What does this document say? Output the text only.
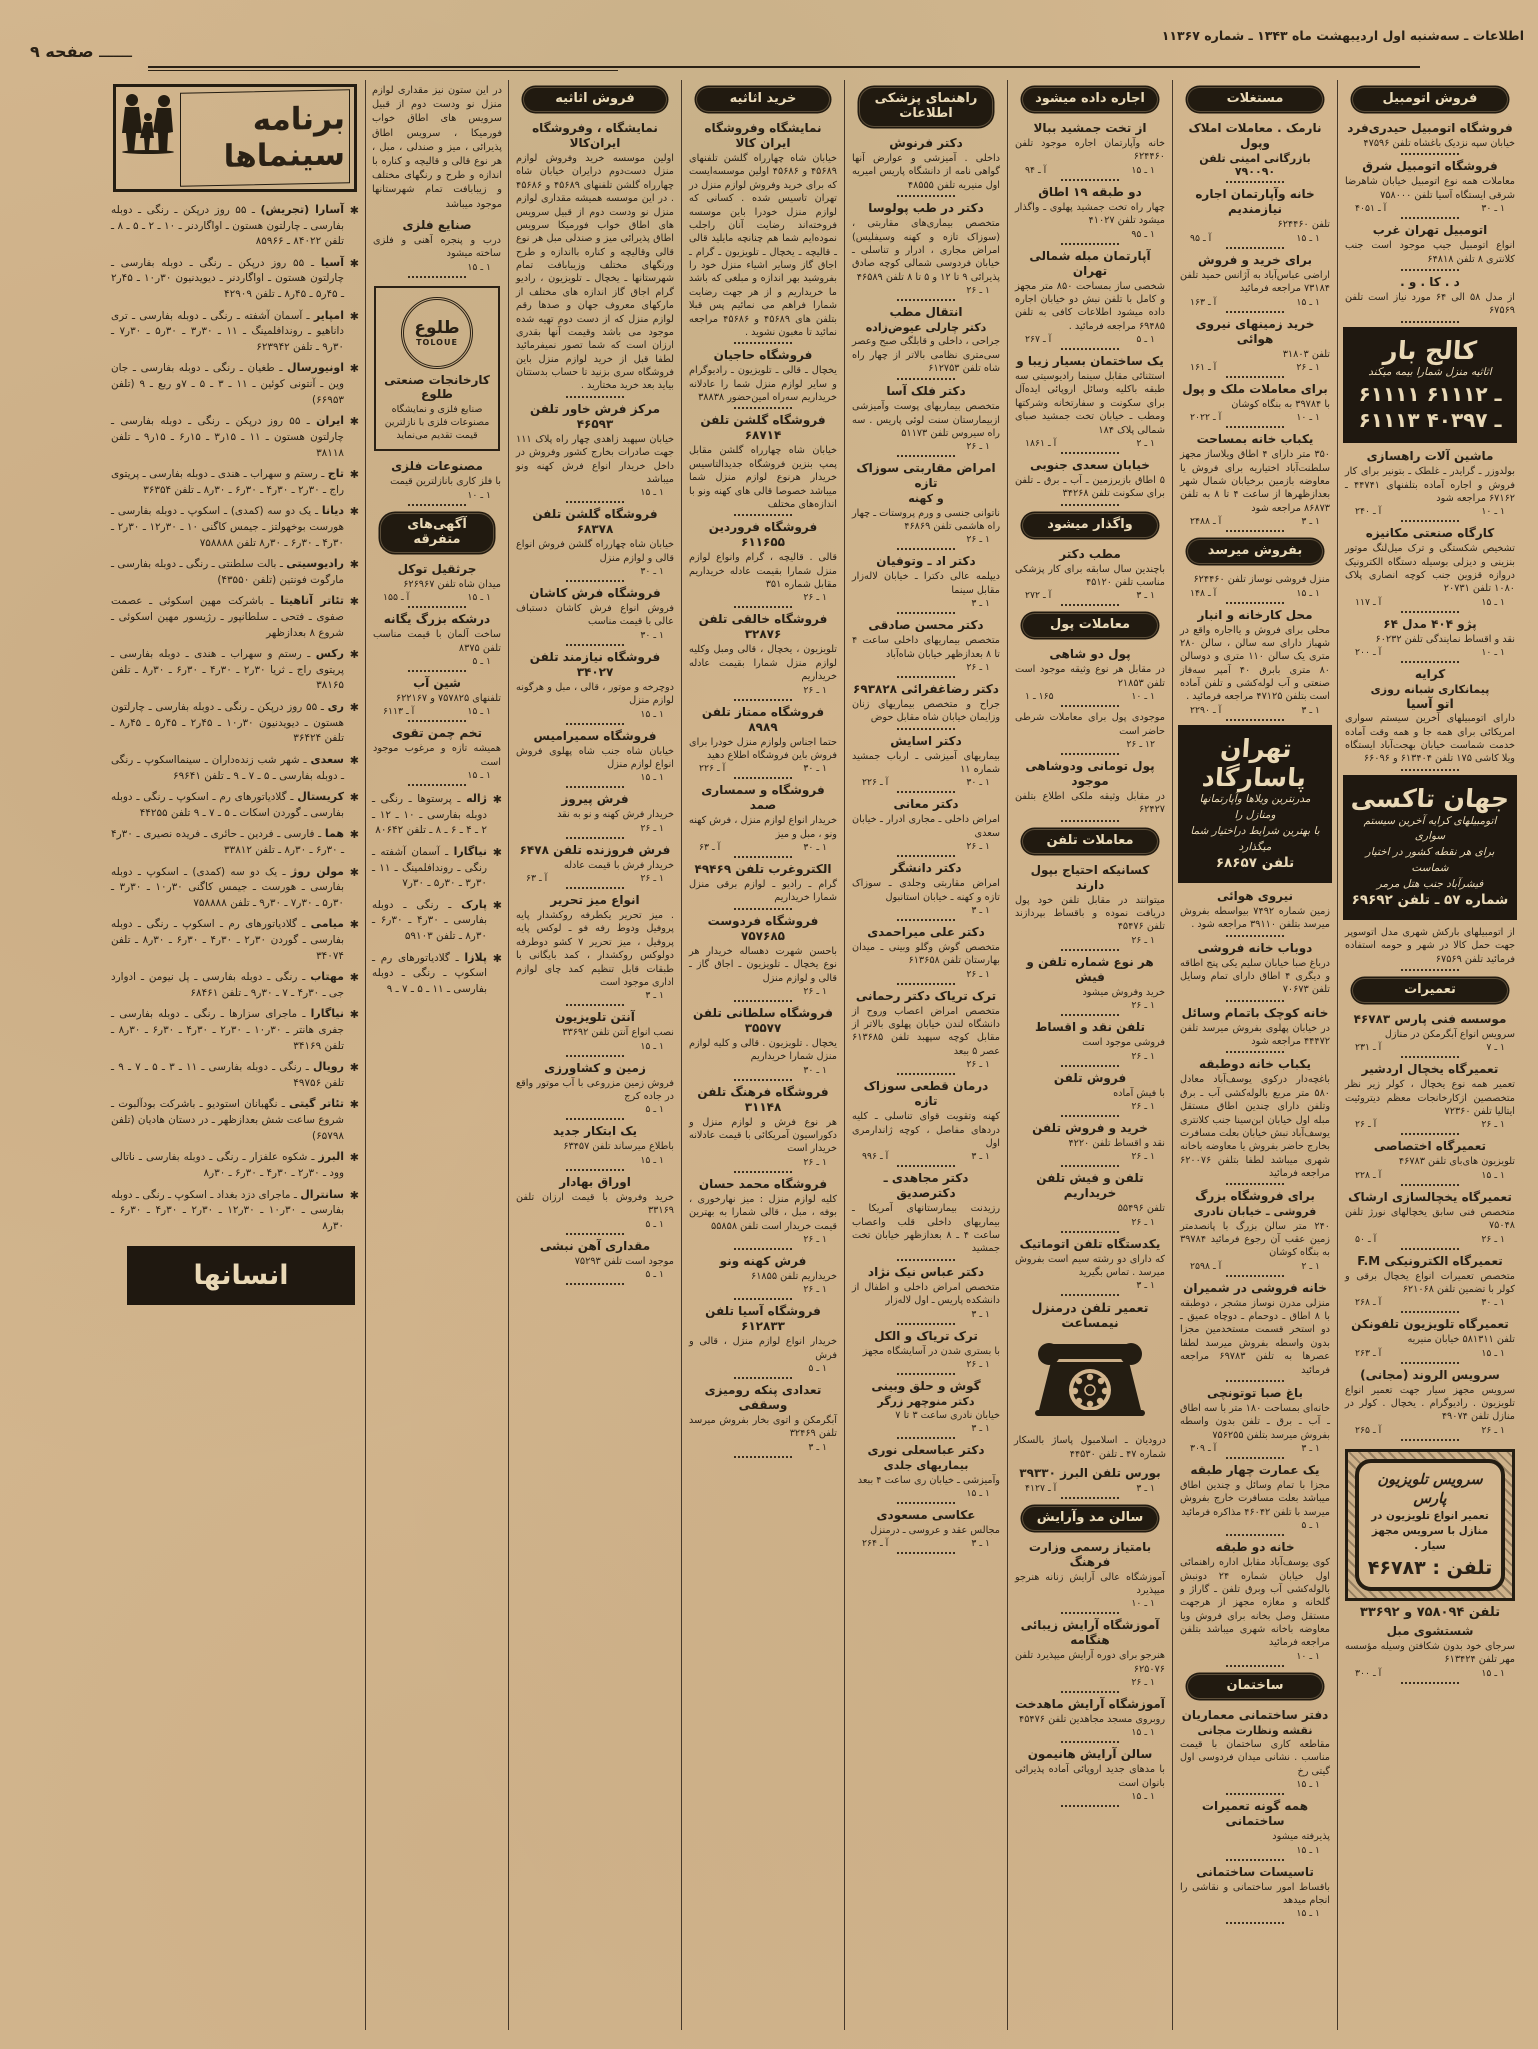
اطلاعات ـ سه‌شنبه اول اردیبهشت ماه ۱۳۴۳ ـ شماره ۱۱۳۶۷
ـــــــ صفحه ۹
فروش اتومبیل
فروشگاه اتومبیل حیدری‌فرد
خیابان سپه نزدیک باغشاه تلفن ۴۷۵۹۶
فروشگاه اتومبیل شرق
معاملات همه نوع اتومبیل خیابان شاهرضا شرقی ایستگاه آسیا تلفن ۷۵۸۰۰۰
۱ ـ ۳۰
آ ـ ۴۰۵۱
اتومبیل تهران غرب
انواع اتومبیل جیپ موجود است جنب کلانتری ۸ تلفن ۶۴۸۱۸
د . کا . و .
از مدل ۵۸ الی ۶۴ مورد نیاز است تلفن ۶۷۵۶۹
کالج بار
اثاثیه منزل شمارا بیمه میکند
۶۱۱۱۱ ـ ۶۱۱۱۲
۶۱۱۱۳ ـ ۴۰۳۹۷
ماشین آلات راهسازی
بولدوزر ـ گرایدر ـ غلطک ـ بتونیر برای کار فروش و اجاره آماده بتلفنهای ۴۴۷۴۱ ـ ۶۷۱۶۲ مراجعه شود
۱ ـ ۱۰
آ ـ ۲۴۰
کارگاه صنعتی مکانیزه
تشخیص شکستگی و ترک میل‌لنگ موتور بنزینی و دیزلی بوسیله دستگاه الکترونیک دروازه قزوین جنب کوچه انصاری پلاک ۱۰۸۰ تلفن ۲۰۷۳۱
۱ ـ ۱۵
آ ـ ۱۱۷
پژو ۴۰۴ مدل ۶۴
نقد و اقساط نمایندگی تلفن ۶۰۲۳۲
۱ ـ ۱۰
آ ـ ۲۰۰
کرایه
پیمانکاری شبانه روزی
اتو آسیا
دارای اتومبیلهای آخرین سیستم سواری امریکائی برای همه جا و همه وقت آماده خدمت شماست خیابان بهجت‌آباد ایستگاه ویلا کاشی ۱۷۵ تلفن ۶۱۳۴۰۴ و ۶۶۰۹۶
جهان تاکسی
اتومبیلهای کرایه آخرین سیستم سواری
برای هر نقطه کشور در اختیار شماست
فیشرآباد جنب هتل مرمر
شماره ۵۷ ـ تلفن ۶۹۶۹۲
از اتومبیلهای بارکش شهری مدل اتوسوپر جهت حمل کالا در شهر و حومه استفاده فرمائید تلفن ۶۷۵۶۹
تعمیرات
موسسه فنی پارس ۴۶۷۸۳
سرویس انواع آبگرمکن در منازل
۱ ـ ۷
آ ـ ۲۳۱
تعمیرگاه یخچال اردشیر
تعمیر همه نوع یخچال ، کولر زیر نظر متخصصین ازکارخانجات معظم دیتروئیت ایتالیا تلفن ۷۲۳۶۰
۱ ـ ۲۶
آ ـ ۲۶
تعمیرگاه اختصاصی
تلویزیون های‌بای تلفن ۴۶۷۸۳
۱ ـ ۱۵
آ ـ ۲۲۸
تعمیرگاه یخچالسازی ارشاک
متخصص فنی سابق یخچالهای نورژ تلفن ۷۵۰۴۸
۱ ـ ۲۶
آ ـ ۵۰
تعمیرگاه الکترونیکی F.M
متخصص تعمیرات انواع یخچال برقی و کولر با تضمین تلفن ۶۲۱۰۶۸
۱ ـ ۳۰
آ ـ ۲۶۸
تعمیرگاه تلویزیون تلفونکن
تلفن ۵۸۱۳۱۱ خیابان منیریه
۱ ـ ۱۵
آ ـ ۲۶۳
سرویس الروند (مجانی)
سرویس مجهز سیار جهت تعمیر انواع تلویزیون . رادیوگرام . یخچال . کولر در منازل تلفن ۴۹۰۷۴
۱ ـ ۲۶
آ ـ ۲۶۵
سرویس تلویزیون پارس
تعمیر انواع تلویزیون در
منازل با سرویس مجهز سیار .
تلفن : ۴۶۷۸۳
تلفن ۷۵۸۰۹۴ و ۳۳۶۹۲
شستشوی مبل
سرجای خود بدون شکافتن وسیله مؤسسه مهر تلفن ۶۱۳۴۲۴
۱ ـ ۱۵
آ ـ ۳۰۰
مستغلات
نارمک . معاملات املاک وپول
بازرگانی امینی تلفن ۷۹۰۰۹۰
خانه وآپارتمان اجاره نیازمندیم
تلفن ۶۲۴۴۶۰
۱ ـ ۱۵
آ ـ ۹۵
برای خرید و فروش
اراضی عباس‌آباد به آژانس حمید تلفن ۷۳۱۸۴ مراجعه فرمائید
۱ ـ ۱۵
آ ـ ۱۶۳
خرید زمینهای نیروی هوائی
تلفن ۳۱۸۰۳
۱ ـ ۲۶
آ ـ ۱۶۱
برای معاملات ملک و پول
با ۳۹۷۸۴ به بنگاه کوشان
۱ ـ ۱۰
آ ـ ۲۰۲۲
یکباب خانه بمساحت
۳۵۰ متر دارای ۴ اطاق ویلاساز مجهز سلطنت‌آباد اختیاریه برای فروش یا معاوضه بازمین برخیابان شمال شهر بعدازظهرها از ساعت ۴ تا ۸ به تلفن ۸۶۸۷۳ مراجعه شود
۱ ـ ۳
آ ـ ۲۴۸۸
بفروش میرسد
منزل فروشی نوساز تلفن ۶۲۴۴۶۰
۱ ـ ۱۵
آ ـ ۱۴۸
محل کارخانه و انبار
محلی برای فروش و یااجاره واقع در شهباز دارای سه سالن ، سالن ۲۸۰ متری یک سالن ۱۱۰ متری و دوسالن ۸۰ متری بابرق ۴۰ آمپر سه‌فاز صنعتی و آب لوله‌کشی و تلفن آماده است بتلفن ۴۷۱۲۵ مراجعه فرمائید .
۱ ـ ۳
آ ـ ۲۲۹۰
تهران پاسارگاد
مدرنترین ویلاها وآپارتمانها ومنازل را
با بهترین شرایط دراختیار شما میگذارد
تلفن ۶۸۶۵۷
نیروی هوائی
زمین شماره ۷۴۹۲ بیواسطه بفروش میرسد بتلفن ۳۹۱۱۰ مراجعه شود .
دوباب خانه فروشی
درباغ صبا خیابان سلیم یکی پنج اطاقه و دیگری ۴ اطاق دارای تمام وسایل تلفن ۷۰۶۷۳
خانه کوچک باتمام وسائل
در خیابان پهلوی بفروش میرسد تلفن ۴۴۴۷۲ مراجعه شود
یکباب خانه دوطبقه
باغچه‌دار درکوی یوسف‌آباد معادل ۵۸۰ متر مربع بالوله‌کشی آب ـ برق وتلفن دارای چندین اطاق مستقل مبله اول خیابان ابن‌سینا جنب کلانتری یوسف‌آباد نبش خیابان بعلت مسافرت بخارج حاضر بفروش یا معاوضه باخانه شهری میباشد لطفا بتلفن ۶۲۰۰۷۶ مراجعه فرمائید
برای فروشگاه بزرگ
فروشی ـ خیابان نادری
۲۴۰ متر سالن بزرگ با پانصدمتر زمین عقب آن رجوع فرمائید ۳۹۷۸۴ به بنگاه کوشان
۱ ـ ۲
آ ـ ۲۵۹۸
خانه فروشی در شمیران
منزلی مدرن نوساز مشجر ، دوطبقه با ۸ اطاق ـ دوحمام ـ دوچاه عمیق ـ دو استخر قسمت مستخدمین مجزا بدون واسطه بفروش میرسد لطفا عصرها به تلفن ۶۹۷۸۳ مراجعه فرمائید
باغ صبا توتونچی
خانه‌ای بمساحت ۱۸۰ متر با سه اطاق ـ آب ـ برق ـ تلفن بدون واسطه بفروش میرسد بتلفن ۷۵۶۲۵۵
۱ ـ ۳
آ ـ ۳۰۹
یک عمارت چهار طبقه
مجزا با تمام وسائل و چندین اطاق میباشد بعلت مسافرت خارج بفروش میرسد با تلفن ۴۶۰۴۲ مذاکره فرمائید
۱ ـ ۵
خانه دو طبقه
کوی یوسف‌آباد مقابل اداره راهنمائی اول خیابان شماره ۲۴ دونبش بالوله‌کشی آب وبرق تلفن ـ گاراژ و گلخانه و مغازه مجهز از هرجهت مستقل وصل بخانه برای فروش ویا معاوضه باخانه شهری میباشد بتلفن مراجعه فرمائید
۱ ـ ۱۰
ساختمان
دفتر ساختمانی معماریان
نقشه ونظارت مجانی
مقاطعه کاری ساختمان با قیمت مناسب . نشانی میدان فردوسی اول گیتی رخ
۱ ـ ۱۵
همه گونه تعمیرات ساختمانی
پذیرفته میشود
۱ ـ ۱۵
تاسیسات ساختمانی
باقساط امور ساختمانی و نقاشی را انجام میدهد
۱ ـ ۱۵
اجاره داده میشود
از تخت جمشید ببالا
خانه وآپارتمان اجاره موجود تلفن ۶۲۴۴۶۰
۱ ـ ۱۵
آ ـ ۹۴
دو طبقه ۱۹ اطاق
چهار راه تخت جمشید پهلوی ـ واگذار میشود تلفن ۴۱۰۲۷
۱ ـ ۹۵
آپارتمان مبله شمالی تهران
شخصی ساز بمساحت ۸۵۰ متر مجهز و کامل با تلفن نبش دو خیابان اجاره داده میشود اطلاعات کافی به تلفن ۶۹۴۸۵ مراجعه فرمائید .
۱ ـ ۵
آ ـ ۲۶۷
یک ساختمان بسیار زیبا و
استثنائی مقابل سینما رادیوسیتی سه طبقه باکلیه وسائل اروپائی ایده‌آل برای سکونت و سفارتخانه وشرکتها ومطب ـ خیابان تخت جمشید صبای شمالی پلاک ۱۸۴
۱ ـ ۲
آ ـ ۱۸۶۱
خیابان سعدی جنوبی
۵ اطاق بازیرزمین ـ آب ـ برق ـ تلفن برای سکونت تلفن ۳۴۲۶۸
واگذار میشود
مطب دکتر
باچندین سال سابقه برای کار پزشکی مناسب تلفن ۴۵۱۲۰
۱ ـ ۳
آ ـ ۲۷۲
معاملات پول
پول دو شاهی
در مقابل هر نوع وثیقه موجود است تلفن ۲۱۸۵۳
۱ ـ ۱۰
۱۶۵ ـ ۱
موجودی پول برای معاملات شرطی حاضر است
۱۲ ـ ۲۶
پول تومانی ودوشاهی موجود
در مقابل وثیقه ملکی اطلاع بتلفن ۶۲۴۲۷
معاملات تلفن
کسانیکه احتیاج بپول دارند
میتوانند در مقابل تلفن خود پول دریافت نموده و باقساط بپردازند تلفن ۴۵۴۷۶
۱ ـ ۲۶
هر نوع شماره تلفن و فیش
خرید وفروش میشود
۱ ـ ۲۶
تلفن نقد و اقساط
فروشی موجود است
۱ ـ ۲۶
فروش تلفن
با فیش آماده
۱ ـ ۲۶
خرید و فروش تلفن
نقد و اقساط تلفن ۴۲۲۰
۱ ـ ۲۶
تلفن و فیش تلفن خریداریم
تلفن ۵۵۴۹۶
۱ ـ ۲۶
یکدستگاه تلفن اتوماتیک
که دارای دو رشته سیم است بفروش میرسد . تماس بگیرید
۱ ـ ۳
تعمیر تلفن درمنزل نیمساعت
درودیان ـ اسلامبول پاساژ بالسکار شماره ۴۷ ـ تلفن ۴۴۵۳۰
بورس تلفن البرز ۳۹۳۳۰
۱ ـ ۳
آ ـ ۴۱۲۷
سالن مد وآرایش
بامتیاز رسمی وزارت فرهنگ
آموزشگاه عالی آرایش زنانه هنرجو میپذیرد
۱ ـ ۱۰
آموزشگاه آرایش زیبائی هنگامه
هنرجو برای دوره آرایش میپذیرد تلفن ۶۲۵۰۷۶
۱ ـ ۲۶
آموزشگاه آرایش ماهدخت
روبروی مسجد مجاهدین تلفن ۴۵۴۷۶
۱ ـ ۱۵
سالن آرایش هانیمون
با مدهای جدید اروپائی آماده پذیرائی بانوان است
۱ ـ ۱۵
راهنمای پزشکی اطلاعات
دکتر فرنوش
داخلی . آمیزشی و عوارض آنها گواهی نامه از دانشگاه پاریس امیریه اول منیریه تلفن ۴۸۵۵۵
دکتر در طب پولوسا
متخصص بیماری‌های مقاربتی ، (سوزاک تازه و کهنه وسیفلیس) امراض مجاری ، ادرار و تناسلی ـ خیابان فردوسی شمالی کوچه صادق پذیرائی ۹ تا ۱۲ و ۵ تا ۸ تلفن ۴۶۵۸۹
۱ ـ ۲۶
انتقال مطب
دکتر چارلی عیوض‌زاده
جراحی ، داخلی و قابلگی صبح وعصر سی‌متری نظامی بالاتر از چهار راه شاه تلفن ۶۱۲۷۵۳
دکتر فلک آسا
متخصص بیماریهای پوست وآمیزشی ازبیمارستان سنت لوئی پاریس . سه راه سیروس تلفن ۵۱۱۷۳
۱ ـ ۲۶
امراض مقاربتی سوزاک تازه
و کهنه
ناتوانی جنسی و ورم پروستات ـ چهار راه هاشمی تلفن ۴۶۸۶۹
۱ ـ ۲۶
دکتر اد ـ وتوفیان
دیپلمه عالی دکترا ـ خیابان لاله‌زار مقابل سینما
۱ ـ ۳
دکتر محسن صادقی
متخصص بیماریهای داخلی ساعت ۴ تا ۸ بعدازظهر خیابان شاه‌آباد
۱ ـ ۲۶
دکتر رضاغفرائی ۶۹۳۸۲۸
جراح و متخصص بیماریهای زنان وزایمان خیابان شاه مقابل حوض
دکتر اسایش
بیماریهای آمیزشی ـ ارباب جمشید شماره ۱۱
۱ ـ ۳۰
آ ـ ۲۲۶
دکتر معانی
امراض داخلی ـ مجاری ادرار ـ خیابان سعدی
۱ ـ ۲۶
دکتر دانشگر
امراض مقاربتی وجلدی ـ سوزاک تازه و کهنه ـ خیابان استانبول
۱ ـ ۳
دکتر علی میراحمدی
متخصص گوش وگلو وبینی ـ میدان بهارستان تلفن ۶۱۳۶۵۸
۱ ـ ۲۶
ترک تریاک دکتر رحمانی
متخصص امراض اعصاب وروح از دانشگاه لندن خیابان پهلوی بالاتر از مقابل کوچه سپهبد تلفن ۶۱۳۶۸۵ عصر ۵ ببعد
۱ ـ ۲۶
درمان قطعی سوزاک تازه
کهنه وتقویت قوای تناسلی ـ کلیه دردهای مفاصل ، کوچه ژاندارمری اول
۱ ـ ۳
آ ـ ۹۹۶
دکتر مجاهدی ـ دکترصدیق
رزیدنت بیمارستانهای آمریکا ـ بیماریهای داخلی قلب واعصاب ساعت ۴ ـ ۸ بعدازظهر خیابان تخت جمشید
دکتر عباس نیک نژاد
متخصص امراض داخلی و اطفال از دانشکده پاریس ـ اول لاله‌زار
۱ ـ ۳
ترک تریاک و الکل
با بستری شدن در آسایشگاه مجهز
۱ ـ ۲۶
گوش و حلق وبینی
دکتر منوچهر زرگر
خیابان نادری ساعت ۳ تا ۷
۱ ـ ۳
دکتر عباسعلی نوری
بیماریهای جلدی
وآمیزشی ـ خیابان ری ساعت ۴ ببعد
۱ ـ ۱۵
عکاسی مسعودی
مجالس عقد و عروسی ـ درمنزل
۱ ـ ۳
آ ـ ۲۶۴
خرید اثاثیه
نمایشگاه وفروشگاه ایران کالا
خیابان شاه چهارراه گلشن تلفنهای ۴۵۶۸۹ و ۴۵۶۸۶ اولین موسسه‌ایست که برای خرید وفروش لوازم منزل در تهران تاسیس شده . کسانی که لوازم منزل خودرا باین موسسه فروخته‌اند رضایت آنان راجلب نموده‌ایم شما هم چنانچه مایلید قالی ـ قالیچه ـ یخچال ـ تلویزیون ـ گرام ـ اجاق گاز وسایر اشیاء منزل خود را بفروشید بهر اندازه و مبلغی که باشد ما خریداریم و از هر جهت رضایت شمارا فراهم می نمائیم پس قبلا بتلفن های ۴۵۶۸۹ و ۴۵۶۸۶ مراجعه نمائید تا مغبون نشوید .
فروشگاه حاجیان
یخچال ـ قالی ـ تلویزیون ـ رادیوگرام و سایر لوازم منزل شما را عادلانه خریداریم سه‌راه امین‌حضور ۳۸۸۳۸
فروشگاه گلشن تلفن ۶۸۷۱۴
خیابان شاه چهارراه گلشن مقابل پمپ بنزین فروشگاه جدیدالتاسیس خریدار هرنوع لوازم منزل شما میباشد خصوصا قالی های کهنه ونو با اندازه‌های مختلف
فروشگاه فروردین ۶۱۱۶۵۵
قالی . قالیچه ، گرام وانواع لوازم منزل شمارا بقیمت عادله خریداریم مقابل شماره ۳۵۱
۱ ـ ۲۶
فروشگاه خالقی تلفن ۳۲۸۷۶
تلویزیون ، یخچال ، قالی ومبل وکلیه لوازم منزل شمارا بقیمت عادله خریداریم
۱ ـ ۲۶
فروشگاه ممتاز تلفن ۸۹۸۹
حتما اجناس ولوازم منزل خودرا برای فروش باین فروشگاه اطلاع دهید
۱ ـ ۳۰
آ ـ ۲۲۶
فروشگاه و سمساری صمد
خریدار انواع لوازم منزل ، فرش کهنه ونو ، مبل و میز
۱ ـ ۳۰
آ ـ ۶۳
الکتروغرب تلفن ۴۹۴۶۹
گرام ـ رادیو ـ لوازم برقی منزل شمارا خریداریم
فروشگاه فردوست ۷۵۷۶۸۵
باحسن شهرت دهساله خریدار هر نوع یخچال ـ تلویزیون ـ اجاق گاز ـ قالی و لوازم منزل
۱ ـ ۲۶
فروشگاه سلطانی تلفن ۳۵۵۷۷
یخچال . تلویزیون . قالی و کلیه لوازم منزل شمارا خریداریم
۱ ـ ۳۰
فروشگاه فرهنگ تلفن ۳۱۱۴۸
هر نوع فرش و لوازم منزل و دکوراسیون آمریکائی با قیمت عادلانه خریدار است
۱ ـ ۲۶
فروشگاه محمد حسان
کلیه لوازم منزل : میز نهارخوری ، بوفه ، مبل ، قالی شمارا به بهترین قیمت خریدار است تلفن ۵۵۸۵۸
۱ ـ ۲۶
فرش کهنه ونو
خریداریم تلفن ۶۱۸۵۵
۱ ـ ۲۶
فروشگاه آسیا تلفن ۶۱۲۸۳۳
خریدار انواع لوازم منزل ، قالی و فرش
۱ ـ ۵
تعدادی پنکه رومیزی وسقفی
آبگرمکن و اتوی بخار بفروش میرسد تلفن ۳۲۴۶۹
۱ ـ ۳
فروش اثاثیه
نمایشگاه ، وفروشگاه ایران‌کالا
اولین موسسه خرید وفروش لوازم منزل دست‌دوم درایران خیابان شاه چهارراه گلشن تلفنهای ۴۵۶۸۹ و ۴۵۶۸۶ . در این موسسه همیشه مقداری لوازم منزل نو ودست دوم از قبیل سرویس های اطاق خواب فورمیکا سرویس اطاق پذیرائی میز و صندلی مبل هر نوع قالی وقالیچه و کناره بااندازه و طرح ورنگهای مختلف وزیبابافت تمام شهرستانها ـ یخچال ـ تلویزیون ، رادیو گرام اجاق گاز اندازه های مختلف از مارکهای معروف جهان و صدها رقم لوازم منزل که از دست دوم تهیه شده موجود می باشد وقیمت آنها بقدری ارزان است که شما تصور نمیفرمائید لطفا قبل از خرید لوازم منزل باین فروشگاه سری بزنید تا حساب بدستتان بیاید بعد خرید مختارید .
مرکز فرش خاور تلفن ۴۶۵۹۳
خیابان سپهبد زاهدی چهار راه پلاک ۱۱۱ جهت صادرات بخارج کشور وفروش در داخل خریدار انواع فرش کهنه ونو میباشد
۱ ـ ۱۵
فروشگاه گلشن تلفن ۶۸۳۷۸
خیابان شاه چهارراه گلشن فروش انواع قالی و لوازم منزل
۱ ـ ۳۰
فروشگاه فرش کاشان
فروش انواع فرش کاشان دستباف عالی با قیمت مناسب
۱ ـ ۳۰
فروشگاه نیازمند تلفن ۳۴۰۲۷
دوچرخه و موتور ، قالی ، مبل و هرگونه لوازم منزل
۱ ـ ۱۵
فروشگاه سمیرامیس
خیابان شاه جنب شاه پهلوی فروش انواع لوازم منزل
۱ ـ ۱۵
فرش پیروز
خریدار فرش کهنه و نو به نقد
۱ ـ ۲۶
فرش فروزنده تلفن ۶۴۷۸
خریدار فرش با قیمت عادله
۱ ـ ۲۶
آ ـ ۶۳
انواع میز تحریر
. میز تحریر یکطرفه روکشدار پایه پروفیل ودوط رفه فو ـ لوکس پایه پروفیل ، میز تحریر ۷ کشو دوطرفه دولوکس روکشدار ، کمد بایگانی با طبقات قابل تنظیم کمد چای لوازم اداری موجود است
۱ ـ ۳
آنتن تلویزیون
نصب انواع آنتن تلفن ۳۳۶۹۲
۱ ـ ۱۵
زمین و کشاورزی
فروش زمین مزروعی با آب موتور واقع در جاده کرج
۱ ـ ۵
یک ابتکار جدید
باطلاع میرساند تلفن ۶۳۴۵۷
۱ ـ ۱۵
اوراق بهادار
خرید وفروش با قیمت ارزان تلفن ۳۳۱۶۹
۱ ـ ۵
مقداری آهن نبشی
موجود است تلفن ۷۵۲۹۳
۱ ـ ۵
در این ستون نیز مقداری لوازم منزل نو ودست دوم از قبیل سرویس های اطاق خواب فورمیکا ، سرویس اطاق پذیرائی ، میز و صندلی ، مبل ، هر نوع قالی و قالیچه و کناره با اندازه و طرح و رنگهای مختلف و زیبابافت تمام شهرستانها موجود میباشد
صنایع فلزی
درب و پنجره آهنی و فلزی ساخته میشود
۱ ـ ۱۵
طلوع
TOLOUE
کارخانجات صنعتی طلوع
صنایع فلزی و نمایشگاه مصنوعات فلزی با نازلترین قیمت تقدیم می‌نماید
مصنوعات فلزی
با فلز کاری بانازلترین قیمت
۱ ـ ۱۰
آگهی‌های متفرقه
جرثقیل توکل
میدان شاه تلفن ۶۲۶۹۶۷
۱ ـ ۱۵
آ ـ ۱۵۵
درشکه بزرگ یگانه
ساخت آلمان با قیمت مناسب تلفن ۸۳۷۵
۱ ـ ۵
شین آب
تلفنهای ۷۵۷۸۲۵ و ۶۲۲۱۶۷
۱ ـ ۱۵
آ ـ ۶۱۱۳
تخم چمن تقوی
همیشه تازه و مرغوب موجود است
۱ ـ ۱۵
✱
ژاله ـ پرستوها ـ رنگی ـ دوبله بفارسی ـ ۱۰ ـ ۱۲ ـ ۲ ـ ۴ ـ ۶ ـ ۸ ـ تلفن ۸۰۶۴۲
✱
نیاگارا ـ آسمان آشفته ـ رنگی ـ روندافلمینگ ـ ۱۱ ـ ۳۰ر۳ ـ ۳۰ر۵ ـ ۳۰ر۷
✱
پارک ـ رنگی ـ دوبله بفارسی ـ ۳۰ر۴ ـ ۳۰ر۶ ـ ۳۰ر۸ ـ تلفن ۵۹۱۰۳
✱
پلازا ـ گلادیاتورهای رم ـ اسکوپ ـ رنگی ـ دوبله بفارسی ـ ۱۱ ـ ۵ ـ ۷ ـ ۹
برنامه سینماها
✱
آسارا (تجریش) ـ ۵۵ روز درپکن ـ رنگی ـ دوبله بفارسی ـ چارلتون هستون ـ اواگاردنر ـ ۱۰ ـ ۲ ـ ۵ ـ ۸ ـ تلفن ۸۴۰۲۲ ـ ۸۵۹۶۶
✱
آسیا ـ ۵۵ روز درپکن ـ رنگی ـ دوبله بفارسی ـ چارلتون هستون ـ اواگاردنر ـ دیویدنیون ۳۰ر۱۰ ـ ۴۵ر۲ ـ ۴۵ر۵ ـ ۴۵ر۸ ـ تلفن ۴۲۹۰۹
✱
امپایر ـ آسمان آشفته ـ رنگی ـ دوبله بفارسی ـ تری داناهیو ـ روندافلمینگ ـ ۱۱ ـ ۳۰ر۳ ـ ۳۰ر۵ ـ ۳۰ر۷ ـ ۳۰ر۹ ـ تلفن ۶۲۳۹۴۲
✱
اونیورسال ـ طغیان ـ رنگی ـ دوبله بفارسی ـ جان وین ـ آنتونی کوئین ـ ۱۱ ـ ۳ ـ ۵ ـ ۷و ربع ـ ۹ (تلفن ۶۶۹۵۳)
✱
ایران ـ ۵۵ روز درپکن ـ رنگی ـ دوبله بفارسی ـ چارلتون هستون ـ ۱۱ ـ ۱۵ر۳ ـ ۱۵ر۶ ـ ۱۵ر۹ ـ تلفن ۳۸۱۱۸
✱
تاج ـ رستم و سهراب ـ هندی ـ دوبله بفارسی ـ پریتوی راج ـ ۳۰ر۲ ـ ۳۰ر۴ ـ ۳۰ر۶ ـ ۳۰ر۸ ـ تلفن ۳۶۳۵۴
✱
دیانا ـ یک دو سه (کمدی) ـ اسکوپ ـ دوبله بفارسی ـ هورست بوخهولتز ـ جیمس کاگنی ۱۰ ـ ۳۰ر۱۲ ـ ۳۰ر۲ ـ ۳۰ر۴ ـ ۳۰ر۶ ـ ۳۰ر۸ تلفن ۷۵۸۸۸۸
✱
رادیوسیتی ـ بالت سلطنتی ـ رنگی ـ دوبله بفارسی ـ مارگوت فونتین (تلفن ۴۳۵۵۰)
✱
تئاتر آناهیتا ـ باشرکت مهین اسکوئی ـ عصمت صفوی ـ فتحی ـ سلطانپور ـ رژیسور مهین اسکوئی ـ شروع ۸ بعدازظهر
✱
رکس ـ رستم و سهراب ـ هندی ـ دوبله بفارسی ـ پریتوی راج ـ ثریا ۳۰ر۲ ـ ۳۰ر۴ ـ ۳۰ر۶ ـ ۳۰ر۸ ـ تلفن ۳۸۱۶۵
✱
ری ـ ۵۵ روز درپکن ـ رنگی ـ دوبله بفارسی ـ چارلتون هستون ـ دیویدنیون ۳۰ر۱۰ ـ ۴۵ر۲ ـ ۴۵ر۵ ـ ۴۵ر۸ ـ تلفن ۳۶۴۲۴
✱
سعدی ـ شهر شب زنده‌داران ـ سینمااسکوپ ـ رنگی ـ دوبله بفارسی ـ ۵ ـ ۷ ـ ۹ ـ تلفن ۶۹۶۴۱
✱
کریستال ـ گلادیاتورهای رم ـ اسکوپ ـ رنگی ـ دوبله بفارسی ـ گوردن اسکات ـ ۵ ـ ۷ ـ ۹ تلفن ۴۴۲۵۵
✱
هما ـ فارسی ـ فردین ـ حائری ـ فریده نصیری ـ ۳۰ر۴ ـ ۳۰ر۶ ـ ۳۰ر۸ ـ تلفن ۳۳۸۱۲
✱
مولن روژ ـ یک دو سه (کمدی) ـ اسکوپ ـ دوبله بفارسی ـ هورست ـ جیمس کاگنی ۳۰ر۱۰ ـ ۳۰ر۳ ـ ۳۰ر۵ ـ ۳۰ر۷ ـ ۳۰ر۹ ـ تلفن ۷۵۸۸۸۸
✱
میامی ـ گلادیاتورهای رم ـ اسکوپ ـ رنگی ـ دوبله بفارسی ـ گوردن ۳۰ر۲ ـ ۳۰ر۴ ـ ۳۰ر۶ ـ ۳۰ر۸ ـ تلفن ۳۴۰۷۴
✱
مهتاب ـ رنگی ـ دوبله بفارسی ـ پل نیومن ـ ادوارد جی ـ ۳۰ر۴ ـ ۷ ـ ۳۰ر۹ ـ تلفن ۶۸۴۶۱
✱
نیاگارا ـ ماجرای سزارها ـ رنگی ـ دوبله بفارسی ـ جفری هانتر ـ ۳۰ر۱۰ ـ ۳۰ر۲ ـ ۳۰ر۴ ـ ۳۰ر۶ ـ ۳۰ر۸ ـ تلفن ۳۴۱۶۹
✱
رویال ـ رنگی ـ دوبله بفارسی ـ ۱۱ ـ ۳ ـ ۵ ـ ۷ ـ ۹ ـ تلفن ۴۹۷۵۶
✱
تئاتر گیتی ـ نگهبانان استودیو ـ باشرکت بودآلبوت ـ شروع ساعت شش بعدازظهر ـ در دستان هادیان (تلفن ۶۵۷۹۸)
✱
البرز ـ شکوه علفزار ـ رنگی ـ دوبله بفارسی ـ ناتالی وود ـ ۳۰ر۲ ـ ۳۰ر۴ ـ ۳۰ر۶ ـ ۳۰ر۸
✱
سانترال ـ ماجرای دزد بغداد ـ اسکوپ ـ رنگی ـ دوبله بفارسی ـ ۳۰ر۱۰ ـ ۳۰ر۱۲ ـ ۳۰ر۲ ـ ۳۰ر۴ ـ ۳۰ر۶ ـ ۳۰ر۸
انسانها
